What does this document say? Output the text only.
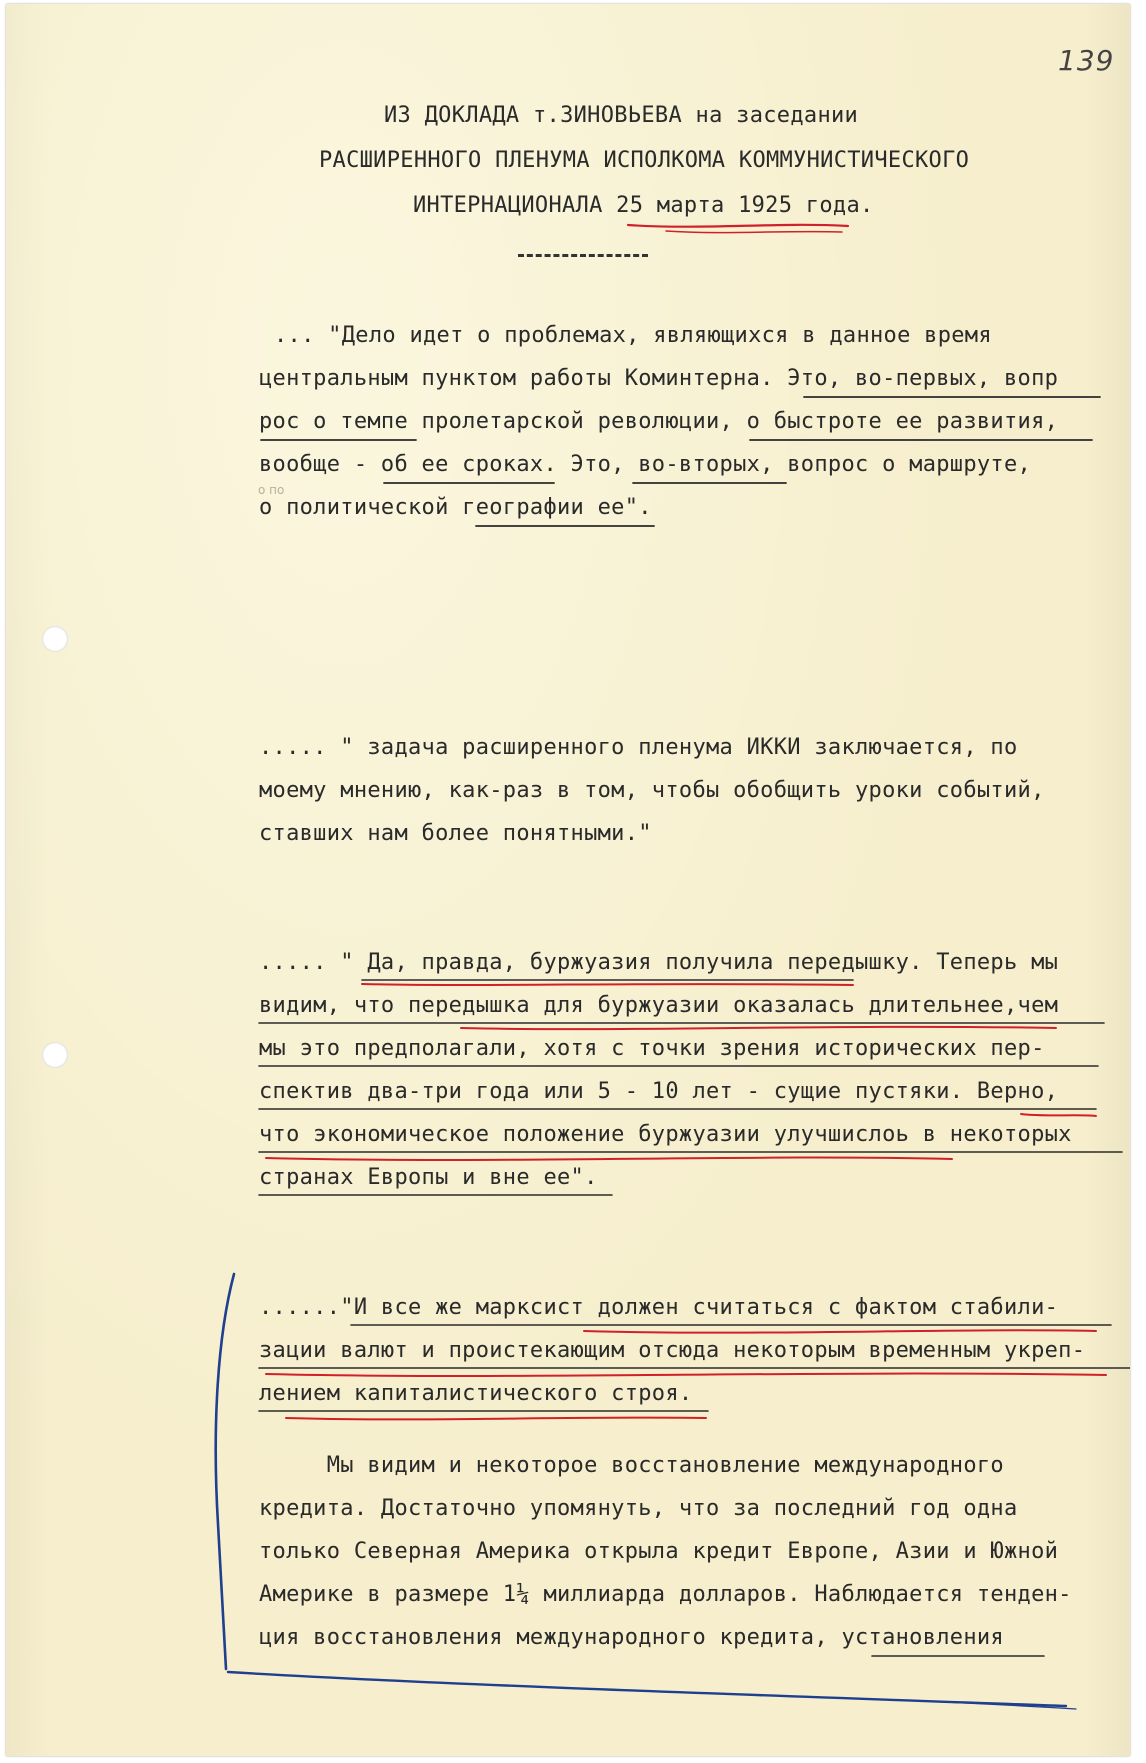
139
ИЗ ДОКЛАДА т.ЗИНОВЬЕВА на заседании
РАСШИРЕННОГО ПЛЕНУМА ИСПОЛКОМА КОММУНИСТИЧЕСКОГО
ИНТЕРНАЦИОНАЛА 25 марта 1925 года.
о по
... "Дело идет о проблемах, являющихся в данное время
центральным пунктом работы Коминтерна. Это, во-первых, вопр
рос о темпе пролетарской революции, о быстроте ее развития,
вообще - об ее сроках. Это, во-вторых, вопрос о маршруте,
о политической географии ее".
..... " задача расширенного пленума ИККИ заключается, по
моему мнению, как-раз в том, чтобы обобщить уроки событий,
ставших нам более понятными."
..... " Да, правда, буржуазия получила передышку. Теперь мы
видим, что передышка для буржуазии оказалась длительнее,чем
мы это предполагали, хотя с точки зрения исторических пер-
спектив два-три года или 5 - 10 лет - сущие пустяки. Верно,
что экономическое положение буржуазии улучшислоь в некоторых
странах Европы и вне ее".
......"И все же марксист должен считаться с фактом стабили-
зации валют и проистекающим отсюда некоторым временным укреп-
лением капиталистического строя.
Мы видим и некоторое восстановление международного
кредита. Достаточно упомянуть, что за последний год одна
только Северная Америка открыла кредит Европе, Азии и Южной
Америке в размере 1¼ миллиарда долларов. Наблюдается тенден-
ция восстановления международного кредита, установления
